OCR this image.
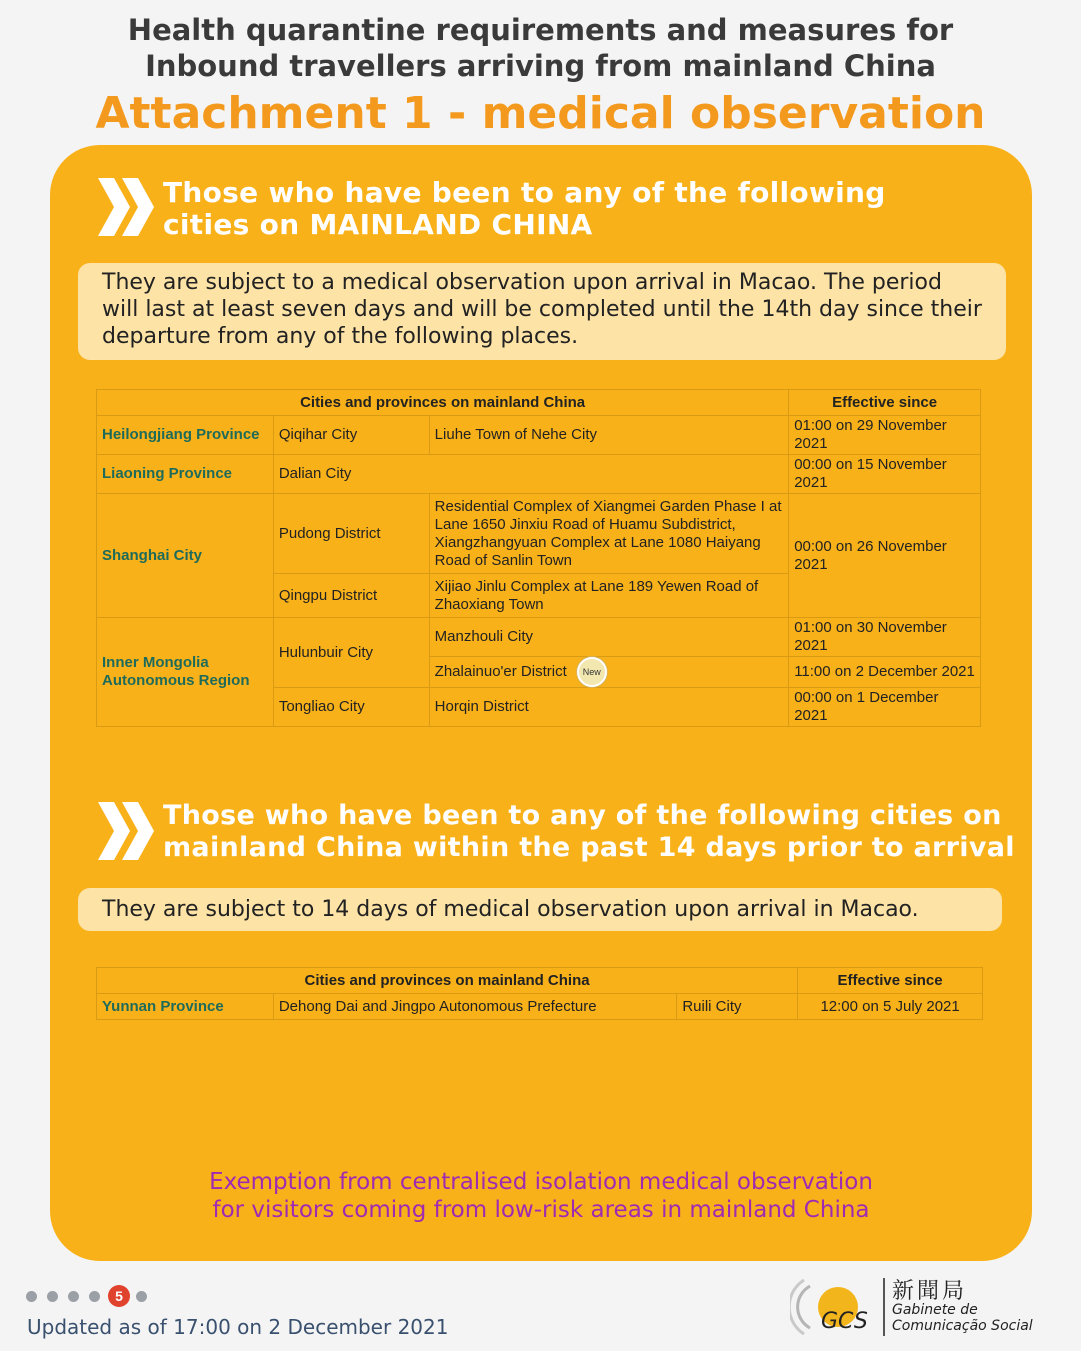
Health quarantine requirements and measures for
Inbound travellers arriving from mainland China
Attachment 1 - medical observation
Those who have been to any of the following
cities on MAINLAND CHINA
They are subject to a medical observation upon arrival in Macao. The period
will last at least seven days and will be completed until the 14th day since their
departure from any of the following places.
Cities and provinces on mainland China			Effective since
Heilongjiang Province	Qiqihar City	Liuhe Town of Nehe City	01:00 on 29 November 2021
Liaoning Province	Dalian City		00:00 on 15 November 2021
Shanghai City	Pudong District	Residential Complex of Xiangmei Garden Phase I at Lane 1650 Jinxiu Road of Huamu Subdistrict, Xiangzhangyuan Complex at Lane 1080 Haiyang Road of Sanlin Town	00:00 on 26 November 2021
	Qingpu District	Xijiao Jinlu Complex at Lane 189 Yewen Road of Zhaoxiang Town	
Inner Mongolia Autonomous Region	Hulunbuir City	Manzhouli City	01:00 on 30 November 2021
		Zhalainuo'er District New	11:00 on 2 December 2021
	Tongliao City	Horqin District	00:00 on 1 December 2021
Those who have been to any of the following cities on
mainland China within the past 14 days prior to arrival
They are subject to 14 days of medical observation upon arrival in Macao.
Cities and provinces on mainland China			Effective since
Yunnan Province	Dehong Dai and Jingpo Autonomous Prefecture	Ruili City	12:00 on 5 July 2021
Exemption from centralised isolation medical observation
for visitors coming from low-risk areas in mainland China
5
Updated as of 17:00 on 2 December 2021	GCS
新聞局
Gabinete de
Comunicação Social
